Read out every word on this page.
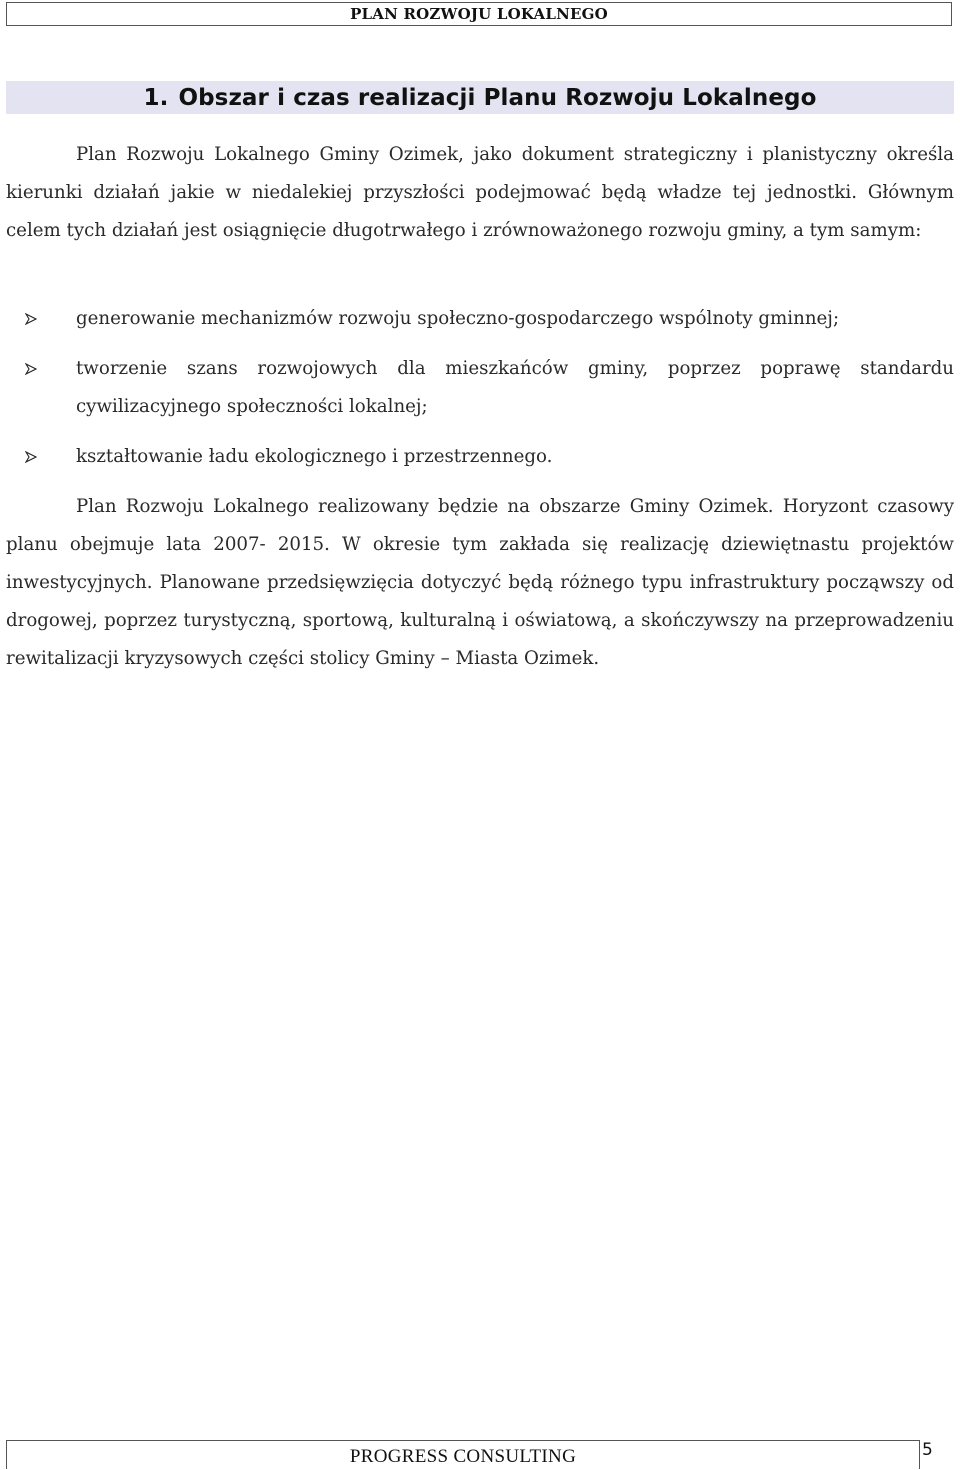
PLAN ROZWOJU LOKALNEGO
1. Obszar i czas realizacji Planu Rozwoju Lokalnego

Plan Rozwoju Lokalnego Gminy Ozimek, jako dokument strategiczny i planistyczny określa kierunki działań jakie w niedalekiej przyszłości podejmować będą władze tej jednostki. Głównym celem tych działań jest osiągnięcie długotrwałego i zrównoważonego rozwoju gminy, a tym samym:

generowanie mechanizmów rozwoju społeczno-gospodarczego wspólnoty gminnej;
tworzenie szans rozwojowych dla mieszkańców gminy, poprzez poprawę standardu cywilizacyjnego społeczności lokalnej;
kształtowanie ładu ekologicznego i przestrzennego.

Plan Rozwoju Lokalnego realizowany będzie na obszarze Gminy Ozimek. Horyzont czasowy planu obejmuje lata 2007- 2015. W okresie tym zakłada się realizację dziewiętnastu projektów inwestycyjnych. Planowane przedsięwzięcia dotyczyć będą różnego typu infrastruktury począwszy od drogowej, poprzez turystyczną, sportową, kulturalną i oświatową, a skończywszy na przeprowadzeniu rewitalizacji kryzysowych części stolicy Gminy – Miasta Ozimek.

PROGRESS CONSULTING	5
